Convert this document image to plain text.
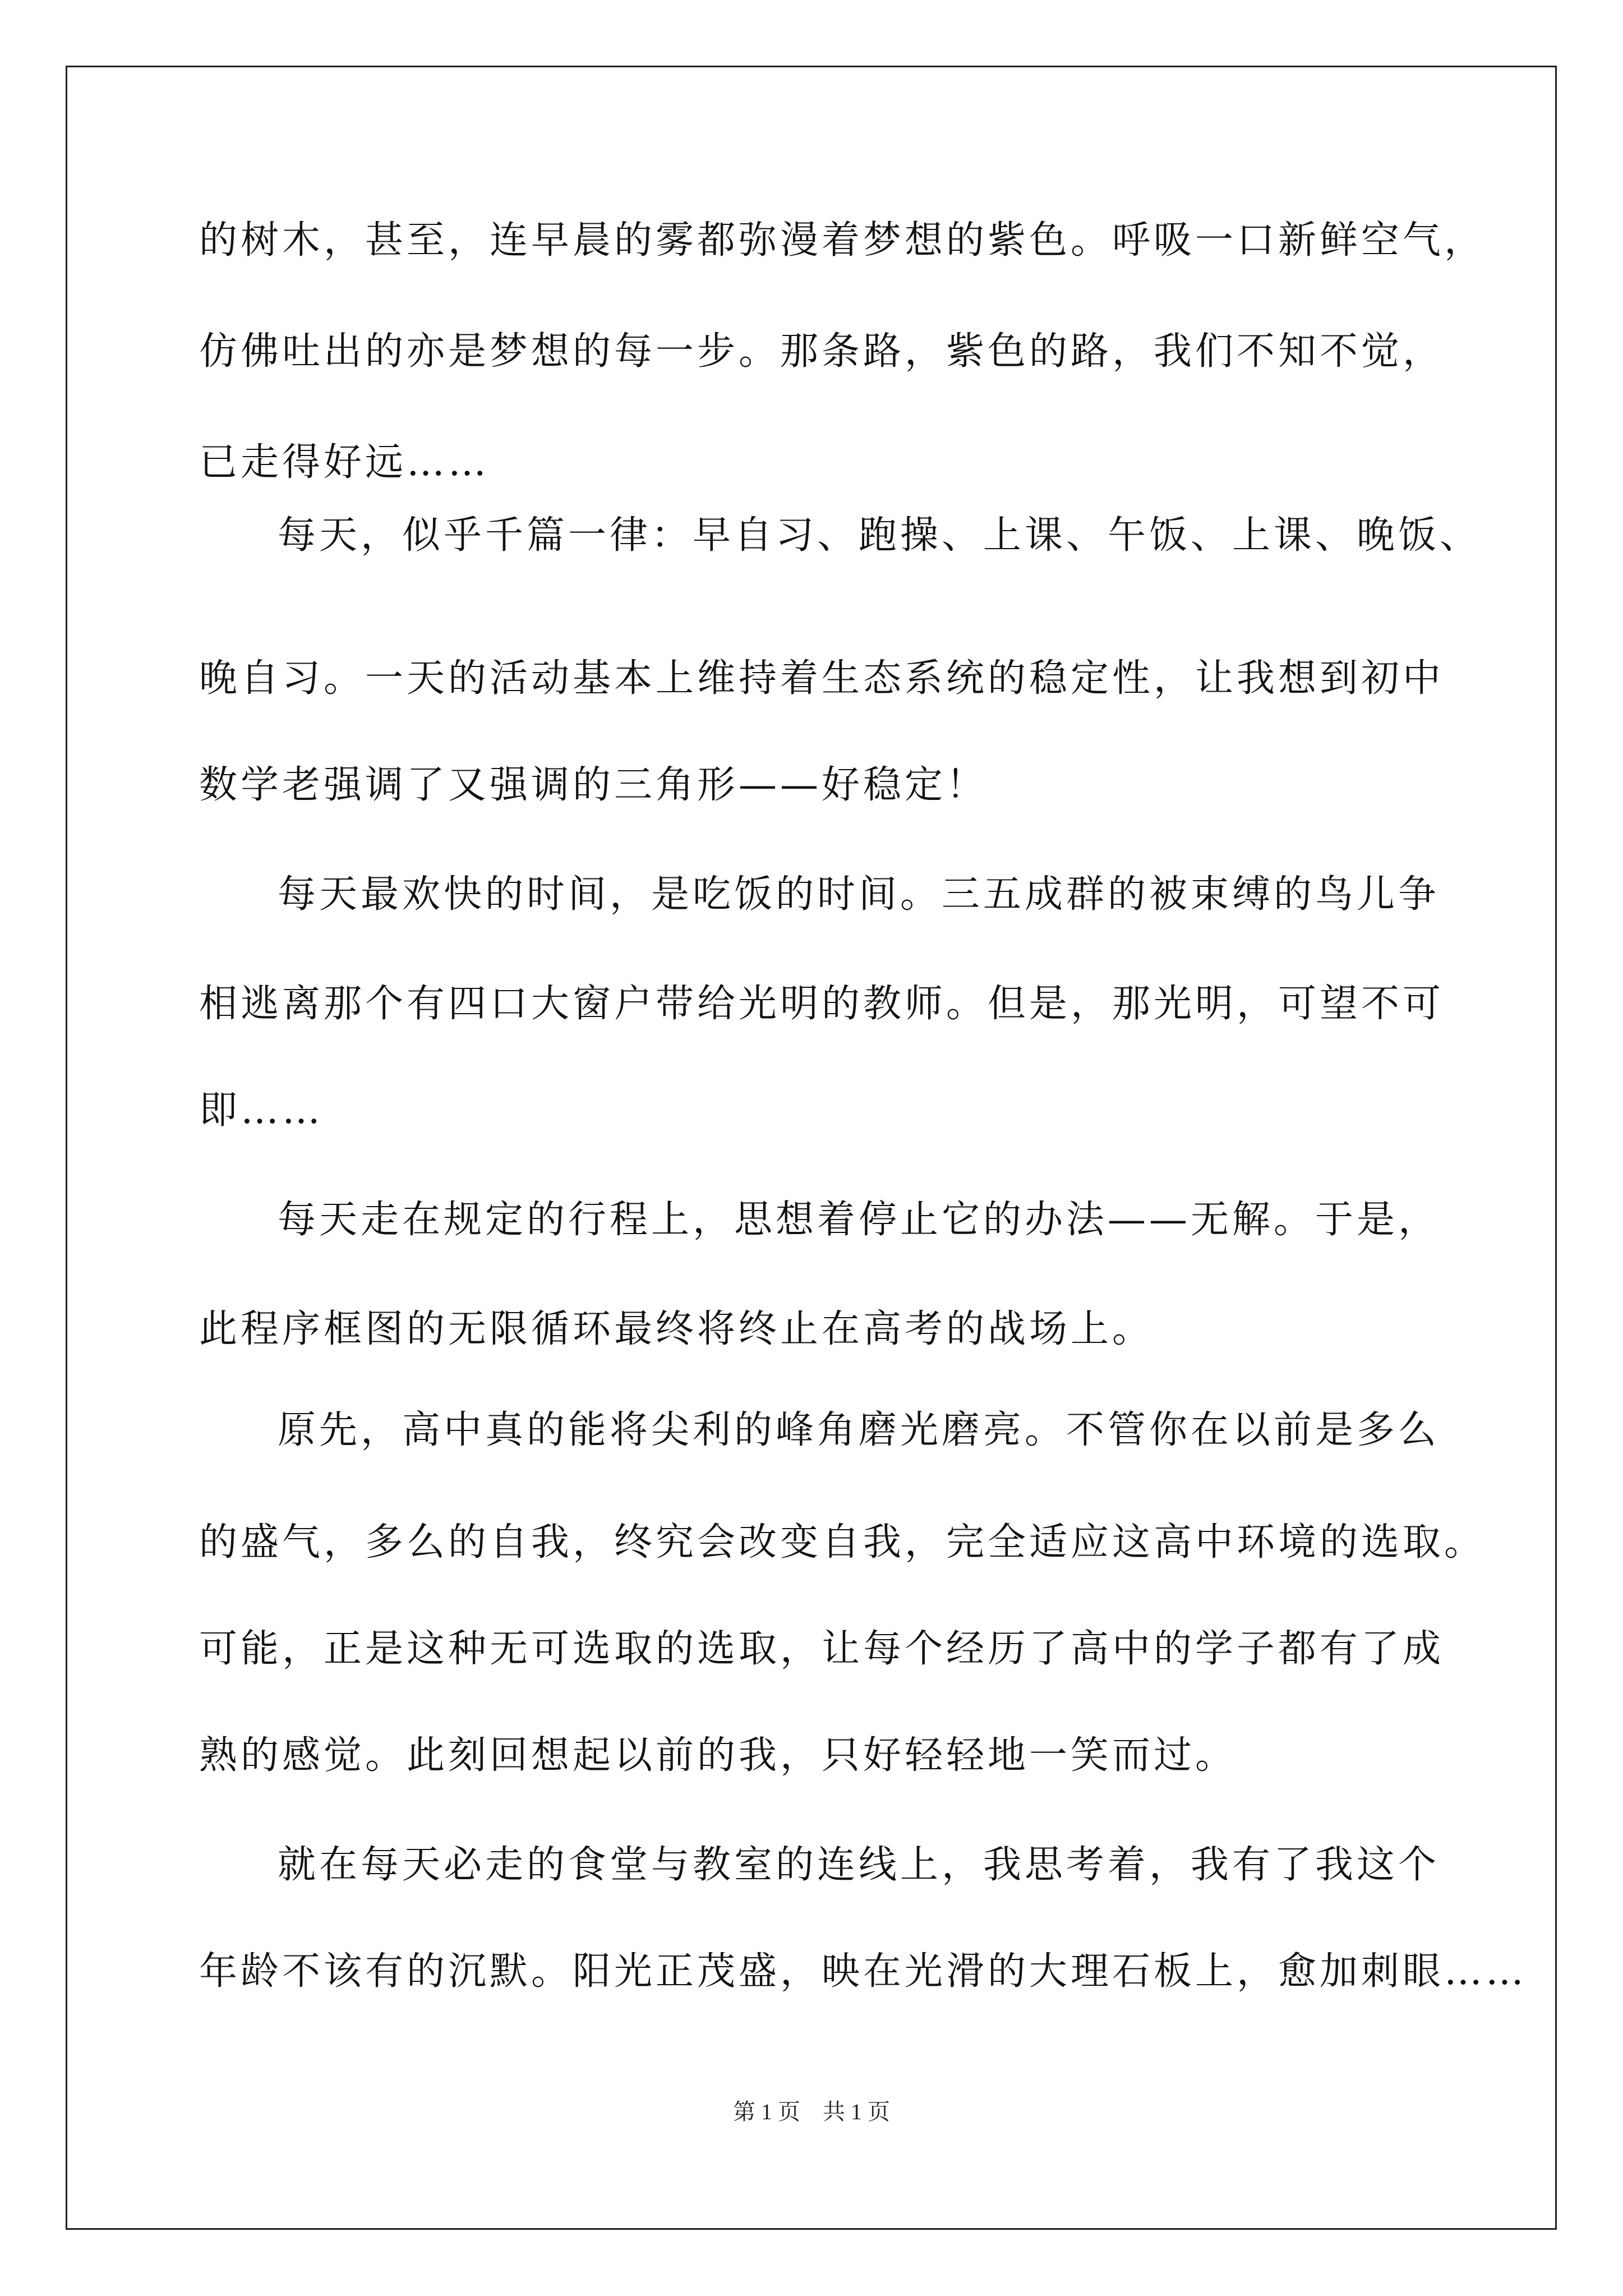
的树木，甚至，连早晨的雾都弥漫着梦想的紫色。呼吸一口新鲜空气，
仿佛吐出的亦是梦想的每一步。那条路，紫色的路，我们不知不觉，
已走得好远……
每天，似乎千篇一律：早自习、跑操、上课、午饭、上课、晚饭、
晚自习。一天的活动基本上维持着生态系统的稳定性，让我想到初中
数学老强调了又强调的三角形——好稳定！
每天最欢快的时间，是吃饭的时间。三五成群的被束缚的鸟儿争
相逃离那个有四口大窗户带给光明的教师。但是，那光明，可望不可
即……
每天走在规定的行程上，思想着停止它的办法——无解。于是，
此程序框图的无限循环最终将终止在高考的战场上。
原先，高中真的能将尖利的峰角磨光磨亮。不管你在以前是多么
的盛气，多么的自我，终究会改变自我，完全适应这高中环境的选取。
可能，正是这种无可选取的选取，让每个经历了高中的学子都有了成
熟的感觉。此刻回想起以前的我，只好轻轻地一笑而过。
就在每天必走的食堂与教室的连线上，我思考着，我有了我这个
年龄不该有的沉默。阳光正茂盛，映在光滑的大理石板上，愈加刺眼……
第 1 页　共 1 页
